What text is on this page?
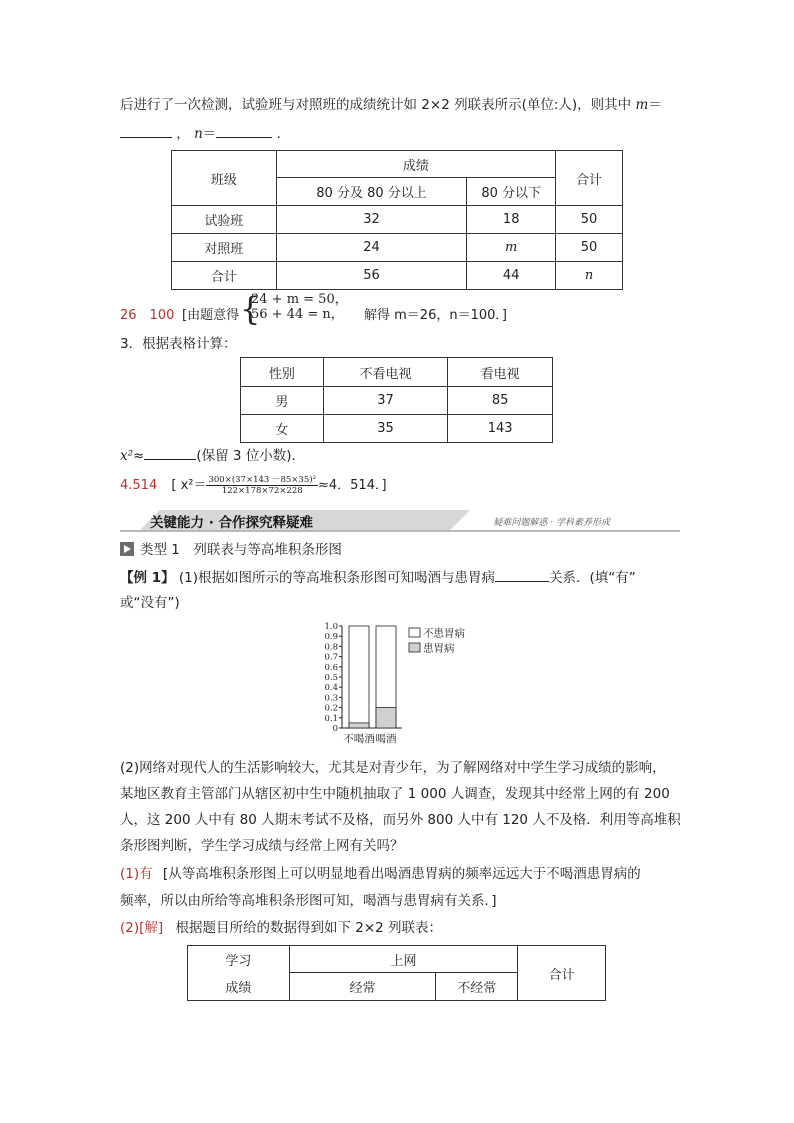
后进行了一次检测，试验班与对照班的成绩统计如 2×2 列联表所示(单位:人)，则其中 m＝
， n＝	.
班级	成绩		合计
	80 分及 80 分以上	80 分以下	
试验班	32	18	50
对照班	24	m	50
合计	56	44	n
26　100 [由题意得 {
24 + m = 50，
56 + 44 = n， 解得 m＝26，n＝100．]
3．根据表格计算：
性别	不看电视	看电视
男	37	85
女	35	143
x²≈	(保留 3 位小数)．
4.514 [ $x^2= \frac{\text{300×(37×143 －85×35)²}}{122\times 178\times 72\times 228} \approx 4$．514．]
关键能力 · 合作探究释疑难	疑难问题解惑 · 学科素养形成
类型 1　列联表与等高堆积条形图
【例 1】 (1)根据如图所示的等高堆积条形图可知喝酒与患胃病	关系．(填“有”
或“没有”)
0
0.1
0.2
0.3
0.4
0.5
0.6
0.7
0.8
0.9
1.0
不喝酒 喝酒
不患胃病
患胃病
(2)网络对现代人的生活影响较大，尤其是对青少年，为了解网络对中学生学习成绩的影响，
某地区教育主管部门从辖区初中生中随机抽取了 1 000 人调查，发现其中经常上网的有 200
人，这 200 人中有 80 人期末考试不及格，而另外 800 人中有 120 人不及格．利用等高堆积
条形图判断，学生学习成绩与经常上网有关吗？
(1)有 [从等高堆积条形图上可以明显地看出喝酒患胃病的频率远远大于不喝酒患胃病的
频率，所以由所给等高堆积条形图可知，喝酒与患胃病有关系．]
(2)[解] 根据题目所给的数据得到如下 2×2 列联表：
学习	上网		合计
成绩	经常	不经常	
